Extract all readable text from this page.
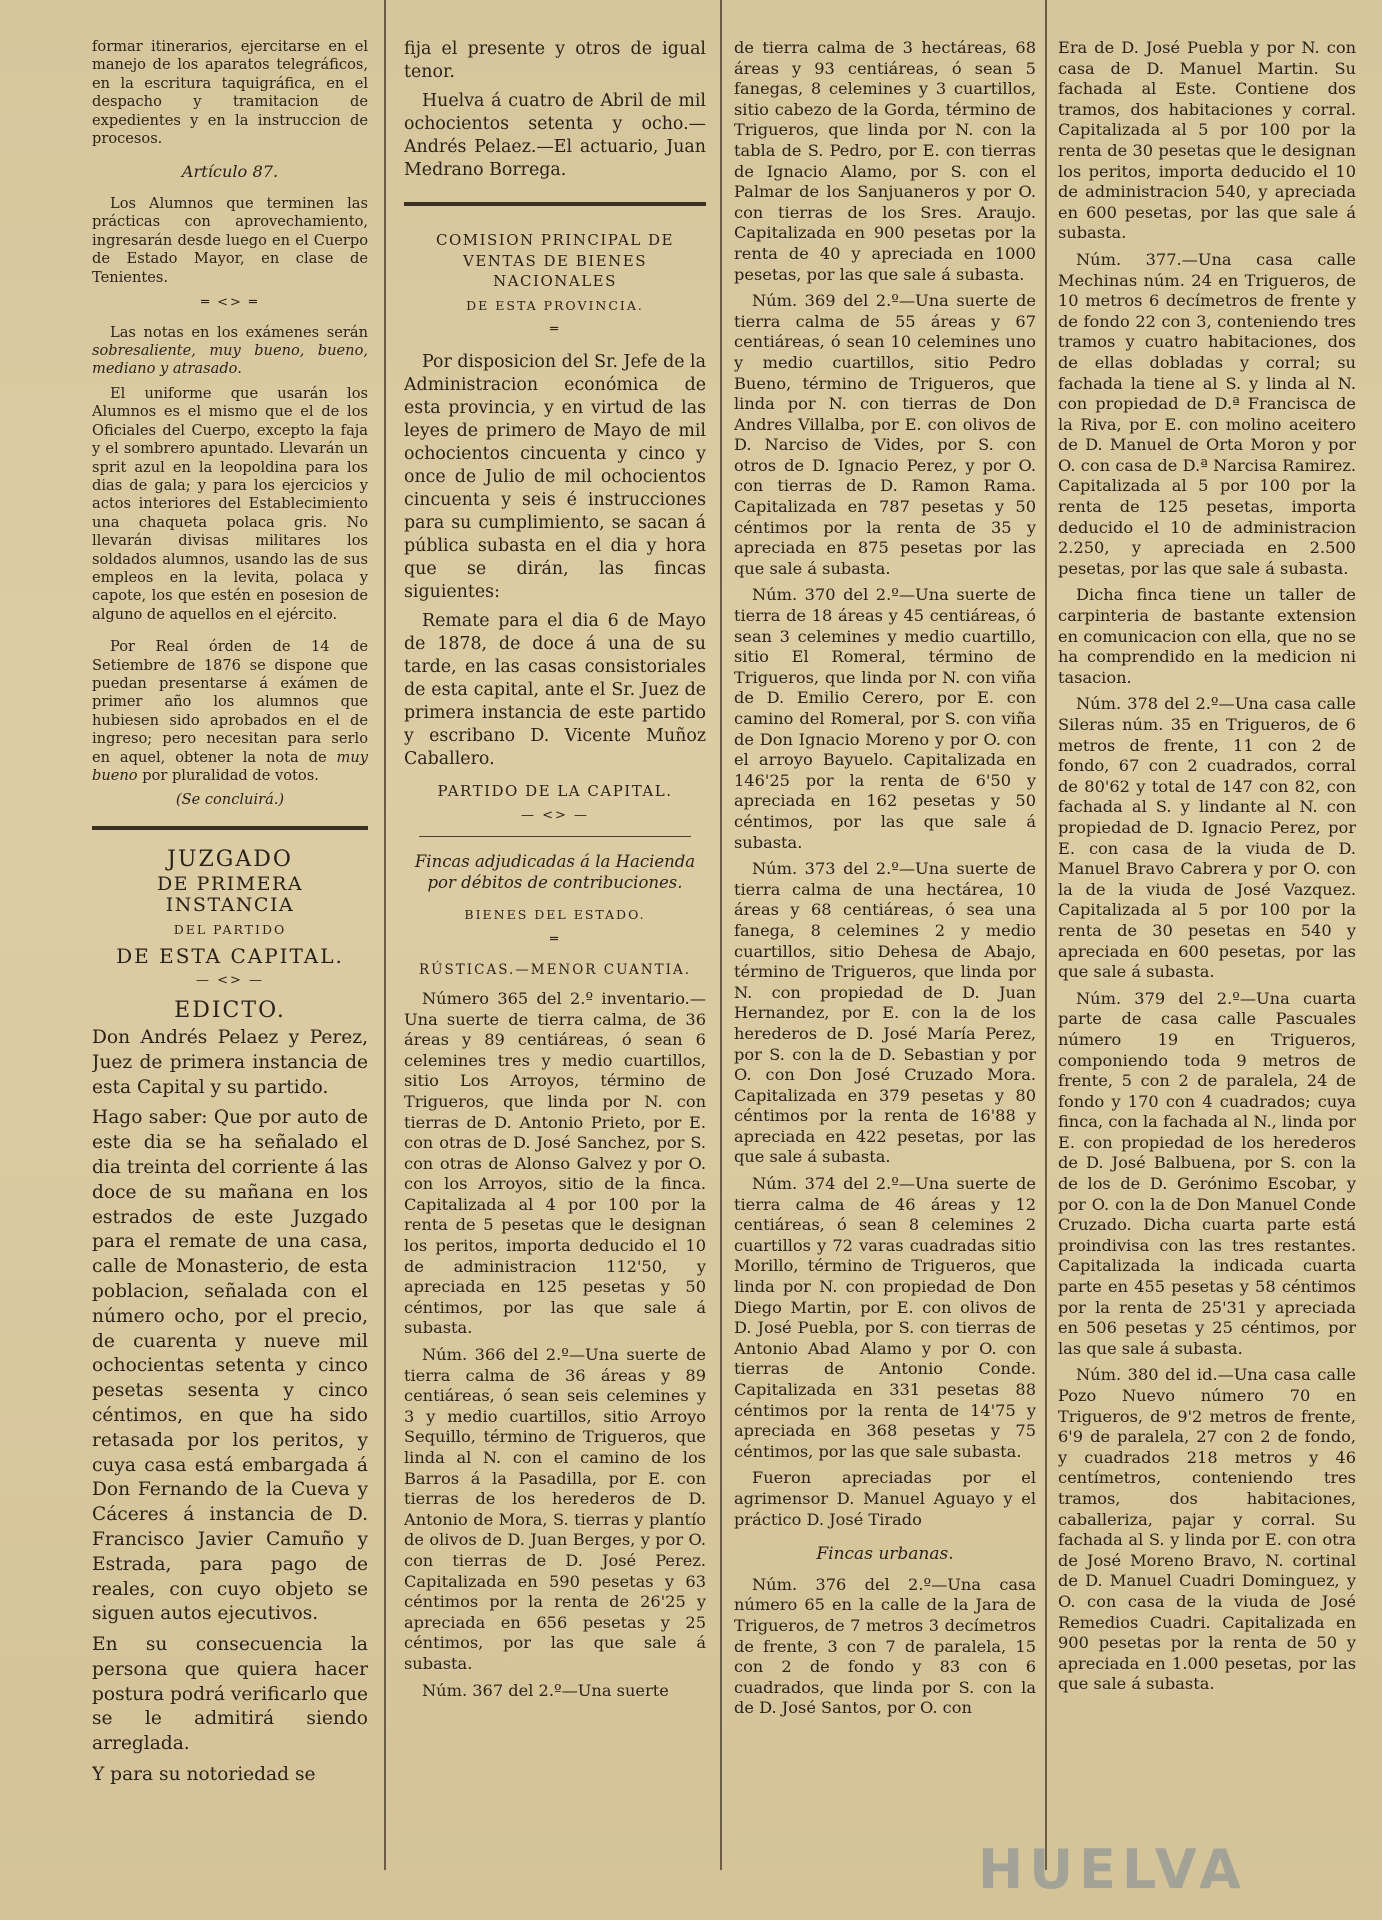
formar itinerarios, ejercitarse en el manejo de los aparatos telegráficos, en la escritura taquigráfica, en el despacho y tramitacion de expedientes y en la instruccion de procesos.

Artículo 87.

Los Alumnos que terminen las prácticas con aprovechamiento, ingresarán desde luego en el Cuerpo de Estado Mayor, en clase de Tenientes.

═ <> ═

Las notas en los exámenes serán sobresaliente, muy bueno, bueno, mediano y atrasado.

El uniforme que usarán los Alumnos es el mismo que el de los Oficiales del Cuerpo, excepto la faja y el sombrero apuntado. Llevarán un sprit azul en la leopoldina para los dias de gala; y para los ejercicios y actos interiores del Establecimiento una chaqueta polaca gris. No llevarán divisas militares los soldados alumnos, usando las de sus empleos en la levita, polaca y capote, los que estén en posesion de alguno de aquellos en el ejército.

Por Real órden de 14 de Setiembre de 1876 se dispone que puedan presentarse á exámen de primer año los alumnos que hubiesen sido aprobados en el de ingreso; pero necesitan para serlo en aquel, obtener la nota de muy bueno por pluralidad de votos.

(Se concluirá.)

JUZGADO
DE PRIMERA INSTANCIA
DEL PARTIDO
DE ESTA CAPITAL.
— <> —
EDICTO.

Don Andrés Pelaez y Perez, Juez de primera instancia de esta Capital y su partido.

Hago saber: Que por auto de este dia se ha señalado el dia treinta del corriente á las doce de su mañana en los estrados de este Juzgado para el remate de una casa, calle de Monasterio, de esta poblacion, señalada con el número ocho, por el precio, de cuarenta y nueve mil ochocientas setenta y cinco pesetas sesenta y cinco céntimos, en que ha sido retasada por los peritos, y cuya casa está embargada á Don Fernando de la Cueva y Cáceres á instancia de D. Francisco Javier Camuño y Estrada, para pago de reales, con cuyo objeto se siguen autos ejecutivos.

En su consecuencia la persona que quiera hacer postura podrá verificarlo que se le admitirá siendo arreglada.

Y para su notoriedad se

fija el presente y otros de igual tenor.

Huelva á cuatro de Abril de mil ochocientos setenta y ocho.—Andrés Pelaez.—El actuario, Juan Medrano Borrega.

COMISION PRINCIPAL DE VENTAS DE BIENES NACIONALES
DE ESTA PROVINCIA.
═

Por disposicion del Sr. Jefe de la Administracion económica de esta provincia, y en virtud de las leyes de primero de Mayo de mil ochocientos cincuenta y cinco y once de Julio de mil ochocientos cincuenta y seis é instrucciones para su cumplimiento, se sacan á pública subasta en el dia y hora que se dirán, las fincas siguientes:

Remate para el dia 6 de Mayo de 1878, de doce á una de su tarde, en las casas consistoriales de esta capital, ante el Sr. Juez de primera instancia de este partido y escribano D. Vicente Muñoz Caballero.

PARTIDO DE LA CAPITAL.
— <> —

Fincas adjudicadas á la Hacienda por débitos de contribuciones.

BIENES DEL ESTADO.
═
RÚSTICAS.—MENOR CUANTIA.

Número 365 del 2.º inventario.—Una suerte de tierra calma, de 36 áreas y 89 centiáreas, ó sean 6 celemines tres y medio cuartillos, sitio Los Arroyos, término de Trigueros, que linda por N. con tierras de D. Antonio Prieto, por E. con otras de D. José Sanchez, por S. con otras de Alonso Galvez y por O. con los Arroyos, sitio de la finca. Capitalizada al 4 por 100 por la renta de 5 pesetas que le designan los peritos, importa deducido el 10 de administracion 112'50, y apreciada en 125 pesetas y 50 céntimos, por las que sale á subasta.

Núm. 366 del 2.º—Una suerte de tierra calma de 36 áreas y 89 centiáreas, ó sean seis celemines y 3 y medio cuartillos, sitio Arroyo Sequillo, término de Trigueros, que linda al N. con el camino de los Barros á la Pasadilla, por E. con tierras de los herederos de D. Antonio de Mora, S. tierras y plantío de olivos de D. Juan Berges, y por O. con tierras de D. José Perez. Capitalizada en 590 pesetas y 63 céntimos por la renta de 26'25 y apreciada en 656 pesetas y 25 céntimos, por las que sale á subasta.

Núm. 367 del 2.º—Una suerte

de tierra calma de 3 hectáreas, 68 áreas y 93 centiáreas, ó sean 5 fanegas, 8 celemines y 3 cuartillos, sitio cabezo de la Gorda, término de Trigueros, que linda por N. con la tabla de S. Pedro, por E. con tierras de Ignacio Alamo, por S. con el Palmar de los Sanjuaneros y por O. con tierras de los Sres. Araujo. Capitalizada en 900 pesetas por la renta de 40 y apreciada en 1000 pesetas, por las que sale á subasta.

Núm. 369 del 2.º—Una suerte de tierra calma de 55 áreas y 67 centiáreas, ó sean 10 celemines uno y medio cuartillos, sitio Pedro Bueno, término de Trigueros, que linda por N. con tierras de Don Andres Villalba, por E. con olivos de D. Narciso de Vides, por S. con otros de D. Ignacio Perez, y por O. con tierras de D. Ramon Rama. Capitalizada en 787 pesetas y 50 céntimos por la renta de 35 y apreciada en 875 pesetas por las que sale á subasta.

Núm. 370 del 2.º—Una suerte de tierra de 18 áreas y 45 centiáreas, ó sean 3 celemines y medio cuartillo, sitio El Romeral, término de Trigueros, que linda por N. con viña de D. Emilio Cerero, por E. con camino del Romeral, por S. con viña de Don Ignacio Moreno y por O. con el arroyo Bayuelo. Capitalizada en 146'25 por la renta de 6'50 y apreciada en 162 pesetas y 50 céntimos, por las que sale á subasta.

Núm. 373 del 2.º—Una suerte de tierra calma de una hectárea, 10 áreas y 68 centiáreas, ó sea una fanega, 8 celemines 2 y medio cuartillos, sitio Dehesa de Abajo, término de Trigueros, que linda por N. con propiedad de D. Juan Hernandez, por E. con la de los herederos de D. José María Perez, por S. con la de D. Sebastian y por O. con Don José Cruzado Mora. Capitalizada en 379 pesetas y 80 céntimos por la renta de 16'88 y apreciada en 422 pesetas, por las que sale á subasta.

Núm. 374 del 2.º—Una suerte de tierra calma de 46 áreas y 12 centiáreas, ó sean 8 celemines 2 cuartillos y 72 varas cuadradas sitio Morillo, término de Trigueros, que linda por N. con propiedad de Don Diego Martin, por E. con olivos de D. José Puebla, por S. con tierras de Antonio Abad Alamo y por O. con tierras de Antonio Conde. Capitalizada en 331 pesetas 88 céntimos por la renta de 14'75 y apreciada en 368 pesetas y 75 céntimos, por las que sale subasta.

Fueron apreciadas por el agrimensor D. Manuel Aguayo y el práctico D. José Tirado

Fincas urbanas.

Núm. 376 del 2.º—Una casa número 65 en la calle de la Jara de Trigueros, de 7 metros 3 decímetros de frente, 3 con 7 de paralela, 15 con 2 de fondo y 83 con 6 cuadrados, que linda por S. con la de D. José Santos, por O. con

Era de D. José Puebla y por N. con casa de D. Manuel Martin. Su fachada al Este. Contiene dos tramos, dos habitaciones y corral. Capitalizada al 5 por 100 por la renta de 30 pesetas que le designan los peritos, importa deducido el 10 de administracion 540, y apreciada en 600 pesetas, por las que sale á subasta.

Núm. 377.—Una casa calle Mechinas núm. 24 en Trigueros, de 10 metros 6 decímetros de frente y de fondo 22 con 3, conteniendo tres tramos y cuatro habitaciones, dos de ellas dobladas y corral; su fachada la tiene al S. y linda al N. con propiedad de D.ª Francisca de la Riva, por E. con molino aceitero de D. Manuel de Orta Moron y por O. con casa de D.ª Narcisa Ramirez. Capitalizada al 5 por 100 por la renta de 125 pesetas, importa deducido el 10 de administracion 2.250, y apreciada en 2.500 pesetas, por las que sale á subasta.

Dicha finca tiene un taller de carpinteria de bastante extension en comunicacion con ella, que no se ha comprendido en la medicion ni tasacion.

Núm. 378 del 2.º—Una casa calle Sileras núm. 35 en Trigueros, de 6 metros de frente, 11 con 2 de fondo, 67 con 2 cuadrados, corral de 80'62 y total de 147 con 82, con fachada al S. y lindante al N. con propiedad de D. Ignacio Perez, por E. con casa de la viuda de D. Manuel Bravo Cabrera y por O. con la de la viuda de José Vazquez. Capitalizada al 5 por 100 por la renta de 30 pesetas en 540 y apreciada en 600 pesetas, por las que sale á subasta.

Núm. 379 del 2.º—Una cuarta parte de casa calle Pascuales número 19 en Trigueros, componiendo toda 9 metros de frente, 5 con 2 de paralela, 24 de fondo y 170 con 4 cuadrados; cuya finca, con la fachada al N., linda por E. con propiedad de los herederos de D. José Balbuena, por S. con la de los de D. Gerónimo Escobar, y por O. con la de Don Manuel Conde Cruzado. Dicha cuarta parte está proindivisa con las tres restantes. Capitalizada la indicada cuarta parte en 455 pesetas y 58 céntimos por la renta de 25'31 y apreciada en 506 pesetas y 25 céntimos, por las que sale á subasta.

Núm. 380 del id.—Una casa calle Pozo Nuevo número 70 en Trigueros, de 9'2 metros de frente, 6'9 de paralela, 27 con 2 de fondo, y cuadrados 218 metros y 46 centímetros, conteniendo tres tramos, dos habitaciones, caballeriza, pajar y corral. Su fachada al S. y linda por E. con otra de José Moreno Bravo, N. cortinal de D. Manuel Cuadri Dominguez, y O. con casa de la viuda de José Remedios Cuadri. Capitalizada en 900 pesetas por la renta de 50 y apreciada en 1.000 pesetas, por las que sale á subasta.

HUELVA
